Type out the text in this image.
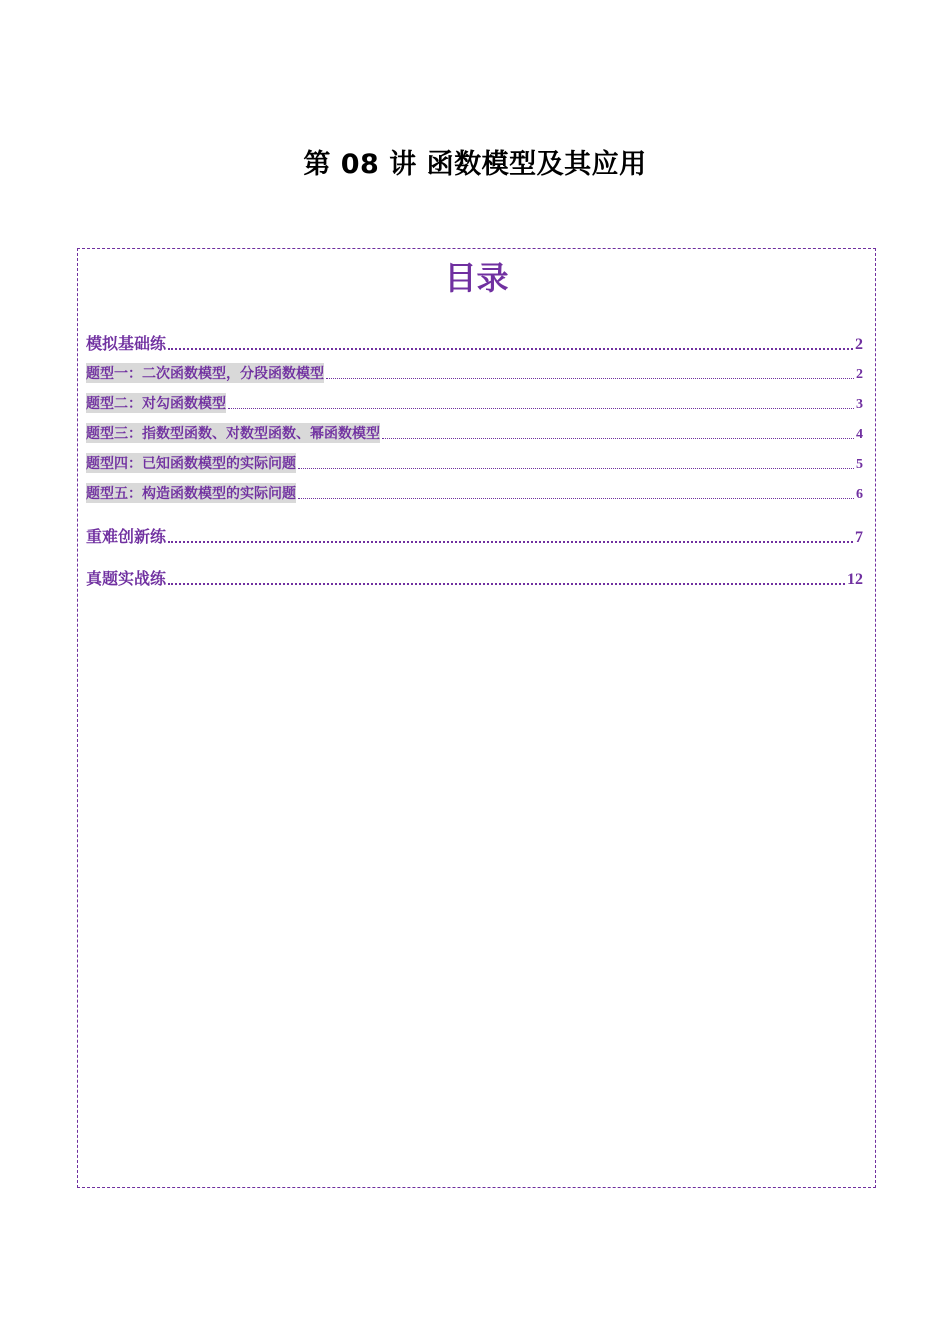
第 08 讲 函数模型及其应用
目录
模拟基础练	2
题型一：二次函数模型，分段函数模型	2
题型二：对勾函数模型	3
题型三：指数型函数、对数型函数、幂函数模型	4
题型四：已知函数模型的实际问题	5
题型五：构造函数模型的实际问题	6
重难创新练	7
真题实战练	12
